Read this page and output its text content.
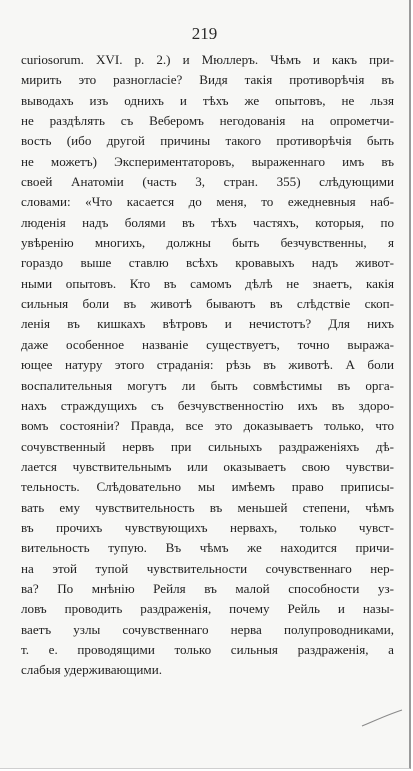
219
curiosorum. XVI. p. 2.) и Мюллеръ. Чѣмъ и какъ при-
мирить это разногласіе? Видя такія противорѣчія въ
выводахъ изъ однихъ и тѣхъ же опытовъ, не льзя
не раздѣлять съ Веберомъ негодованія на опрометчи-
вость (ибо другой причины такого противорѣчія быть
не можетъ) Экспериментаторовъ, выраженнаго имъ въ
своей Анатоміи (часть 3, стран. 355) слѣдующими
словами: «Что касается до меня, то ежедневныя наб-
люденія надъ болями въ тѣхъ частяхъ, которыя, по
увѣренію многихъ, должны быть безчувственны, я
гораздо выше ставлю всѣхъ кровавыхъ надъ живот-
ными опытовъ. Кто въ самомъ дѣлѣ не знаетъ, какія
сильныя боли въ животѣ бываютъ въ слѣдствіе скоп-
ленія въ кишкахъ вѣтровъ и нечистотъ? Для нихъ
даже особенное названіе существуетъ, точно выража-
ющее натуру этого страданія: рѣзь въ животѣ. А боли
воспалительныя могутъ ли быть совмѣстимы въ орга-
нахъ страждущихъ съ безчувственностію ихъ въ здоро-
вомъ состояніи? Правда, все это доказываетъ только, что
сочувственный нервъ при сильныхъ раздраженіяхъ дѣ-
лается чувствительнымъ или оказываетъ свою чувстви-
тельность. Слѣдовательно мы имѣемъ право приписы-
вать ему чувствительность въ меньшей степени, чѣмъ
въ прочихъ чувствующихъ нервахъ, только чувст-
вительность тупую. Въ чѣмъ же находится причи-
на этой тупой чувствительности сочувственнаго нер-
ва? По мнѣнію Рейля въ малой способности уз-
ловъ проводить раздраженія, почему Рейль и назы-
ваетъ узлы сочувственнаго нерва полупроводниками,
т. е. проводящими только сильныя раздраженія, а
слабыя удерживающими.
